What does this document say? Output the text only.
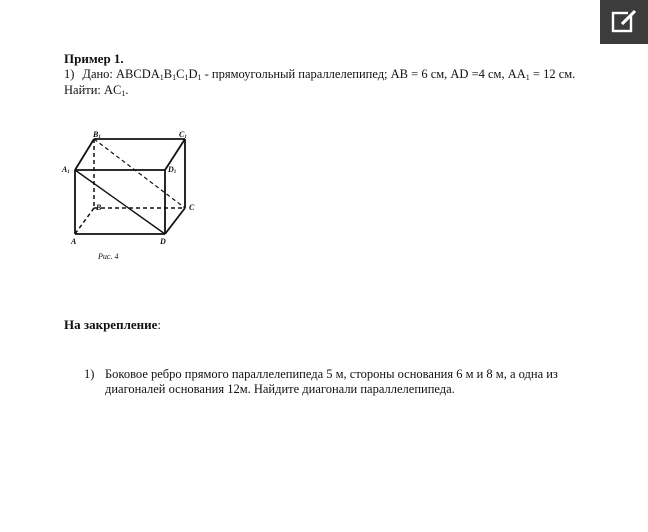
Пример 1.
1) Дано: $ABCDA_1B_1C_1D_1$ - прямоугольный параллелепипед; AB = 6 см, AD =4 см, $AA_1 = 12$ см. Найти: $AC_1$.
B1	C1
A1	D1
B	C
A	D
Рис. 4
На закрепление:
1) Боковое ребро прямого параллелепипеда 5 м, стороны основания 6 м и 8 м, а одна из диагоналей основания 12м. Найдите диагонали параллелепипеда.
